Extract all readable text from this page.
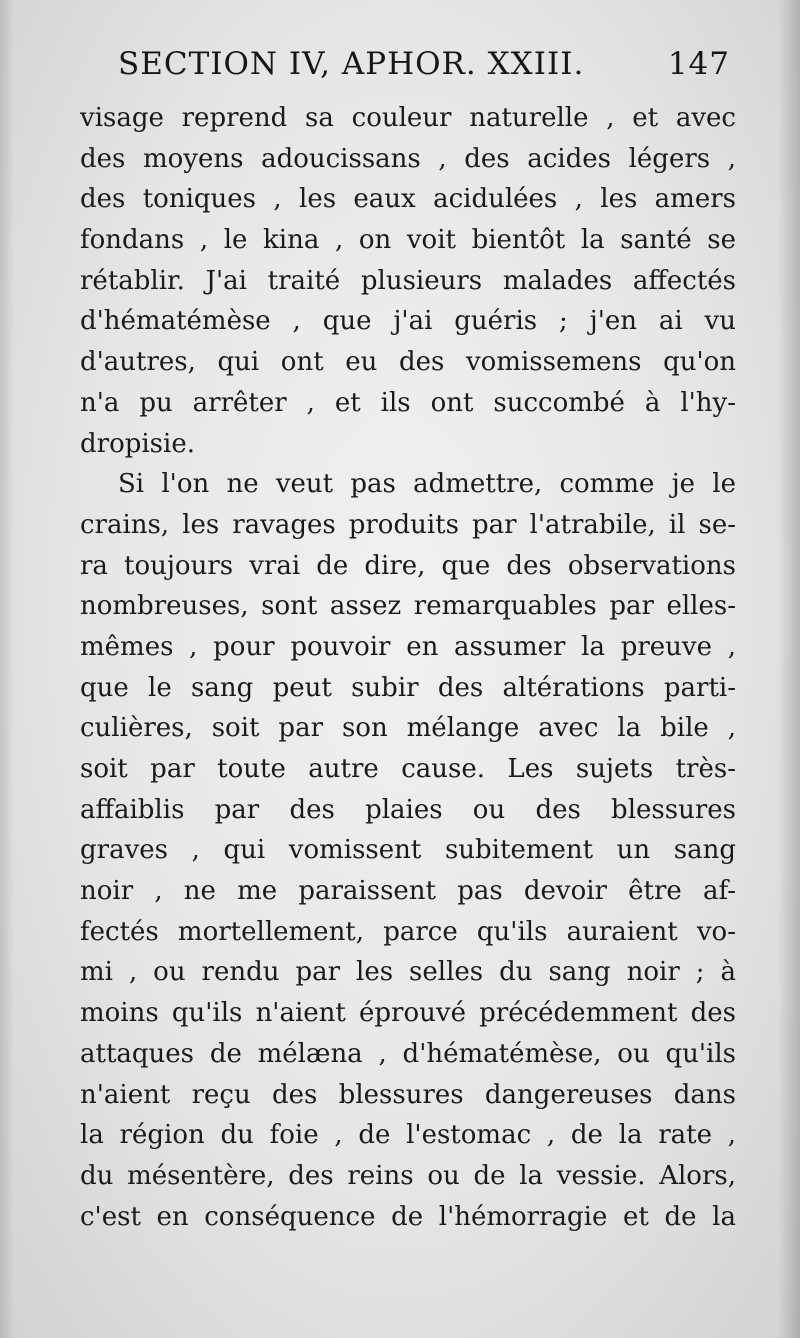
SECTION IV, APHOR. XXIII.	147
visage reprend sa couleur naturelle , et avec
des moyens adoucissans , des acides légers ,
des toniques , les eaux acidulées , les amers
fondans , le kina , on voit bientôt la santé se
rétablir. J'ai traité plusieurs malades affectés
d'hématémèse , que j'ai guéris ; j'en ai vu
d'autres, qui ont eu des vomissemens qu'on
n'a pu arrêter , et ils ont succombé à l'hy-
dropisie.
Si l'on ne veut pas admettre, comme je le
crains, les ravages produits par l'atrabile, il se-
ra toujours vrai de dire, que des observations
nombreuses, sont assez remarquables par elles-
mêmes , pour pouvoir en assumer la preuve ,
que le sang peut subir des altérations parti-
culières, soit par son mélange avec la bile ,
soit par toute autre cause. Les sujets très-
affaiblis par des plaies ou des blessures
graves , qui vomissent subitement un sang
noir , ne me paraissent pas devoir être af-
fectés mortellement, parce qu'ils auraient vo-
mi , ou rendu par les selles du sang noir ; à
moins qu'ils n'aient éprouvé précédemment des
attaques de mélæna , d'hématémèse, ou qu'ils
n'aient reçu des blessures dangereuses dans
la région du foie , de l'estomac , de la rate ,
du mésentère, des reins ou de la vessie. Alors,
c'est en conséquence de l'hémorragie et de la
